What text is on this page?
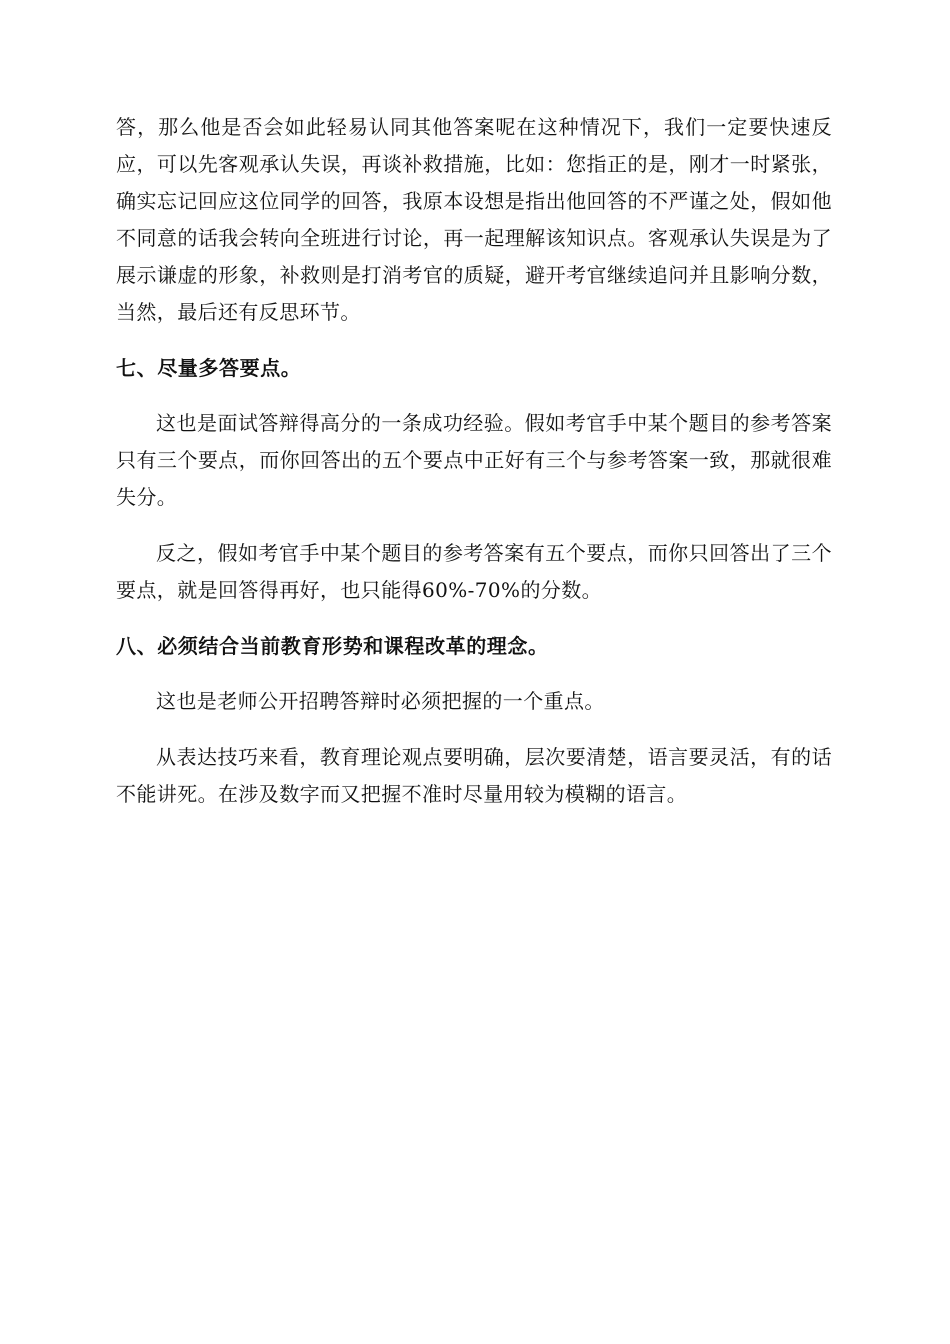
答，那么他是否会如此轻易认同其他答案呢在这种情况下，我们一定要快速反应，可以先客观承认失误，再谈补救措施，比如：您指正的是，刚才一时紧张，确实忘记回应这位同学的回答，我原本设想是指出他回答的不严谨之处，假如他不同意的话我会转向全班进行讨论，再一起理解该知识点。客观承认失误是为了展示谦虚的形象，补救则是打消考官的质疑，避开考官继续追问并且影响分数，当然，最后还有反思环节。

七、尽量多答要点。

这也是面试答辩得高分的一条成功经验。假如考官手中某个题目的参考答案只有三个要点，而你回答出的五个要点中正好有三个与参考答案一致，那就很难失分。

反之，假如考官手中某个题目的参考答案有五个要点，而你只回答出了三个要点，就是回答得再好，也只能得60%-70%的分数。

八、必须结合当前教育形势和课程改革的理念。

这也是老师公开招聘答辩时必须把握的一个重点。

从表达技巧来看，教育理论观点要明确，层次要清楚，语言要灵活，有的话不能讲死。在涉及数字而又把握不准时尽量用较为模糊的语言。
